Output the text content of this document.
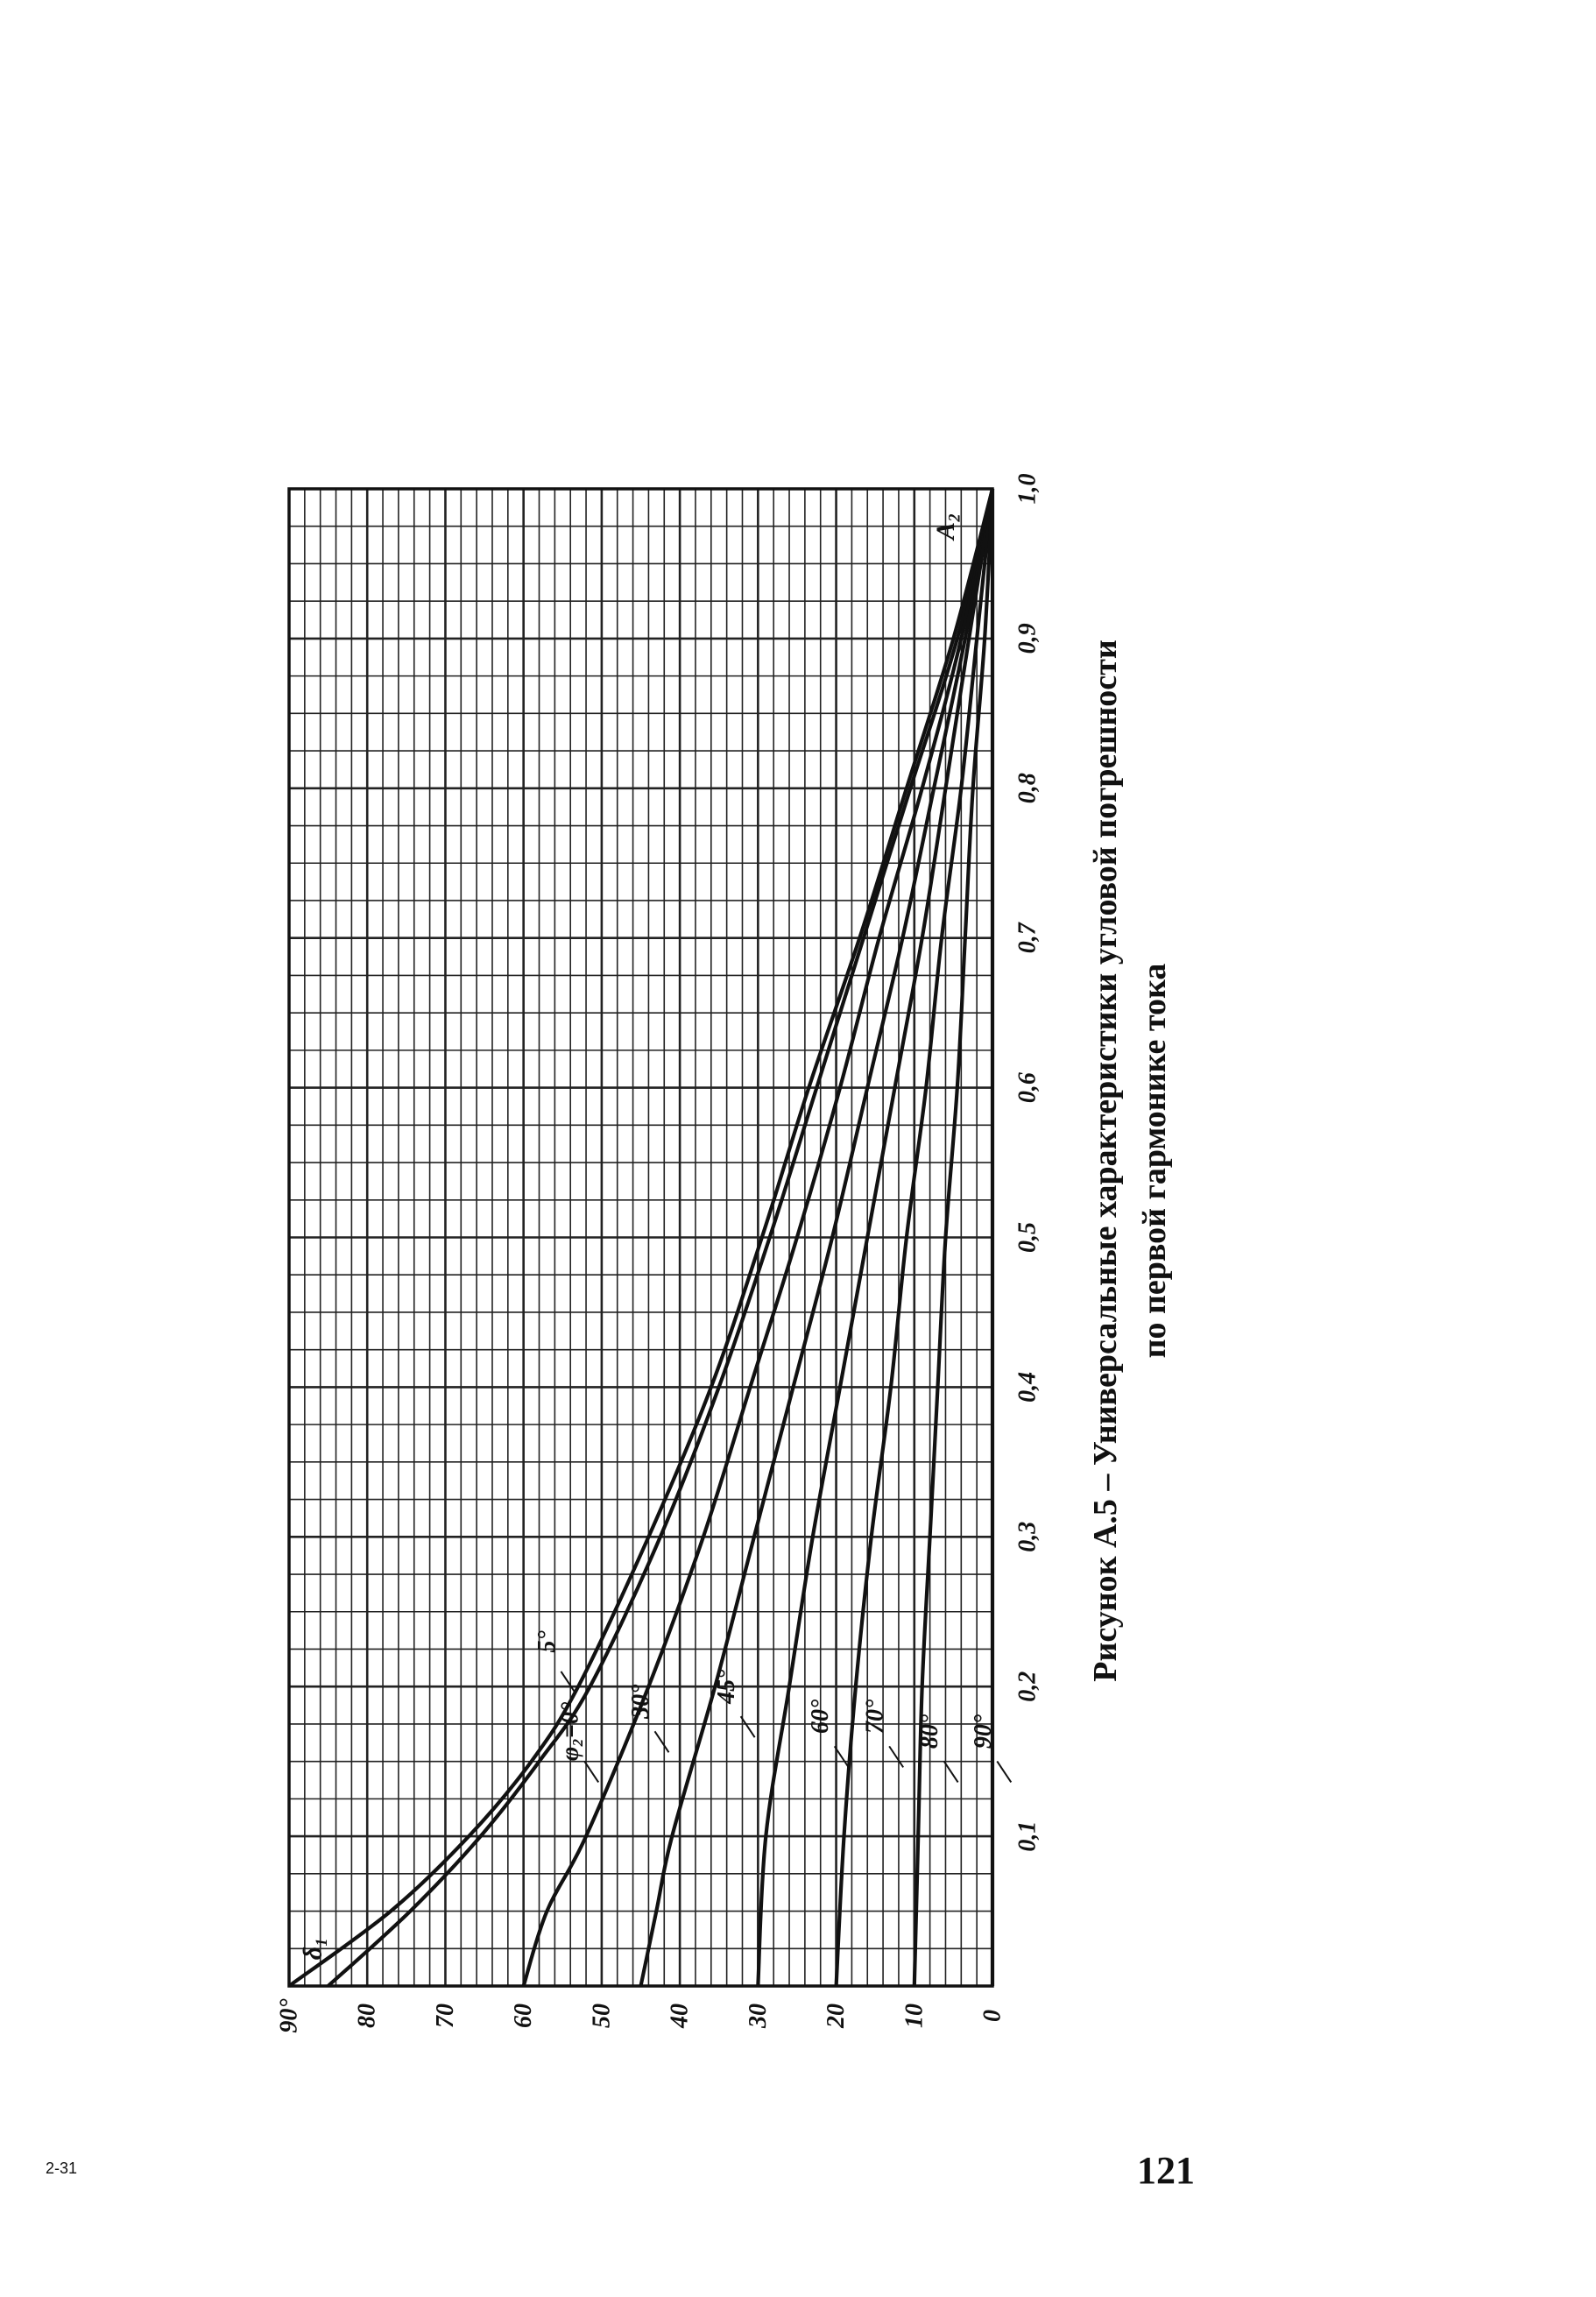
0
10
20
30
40
50
60
70
80
90°
0,1
0,2
0,3
0,4
0,5
0,6
0,7
0,8
0,9
1,0
δ₁
A₂
φ₂=0°
5°
30° 45°
60° 70° 80° 90°
Рисунок А.5 – Универсальные характеристики угловой погрешности по первой гармонике тока
121
2-31
